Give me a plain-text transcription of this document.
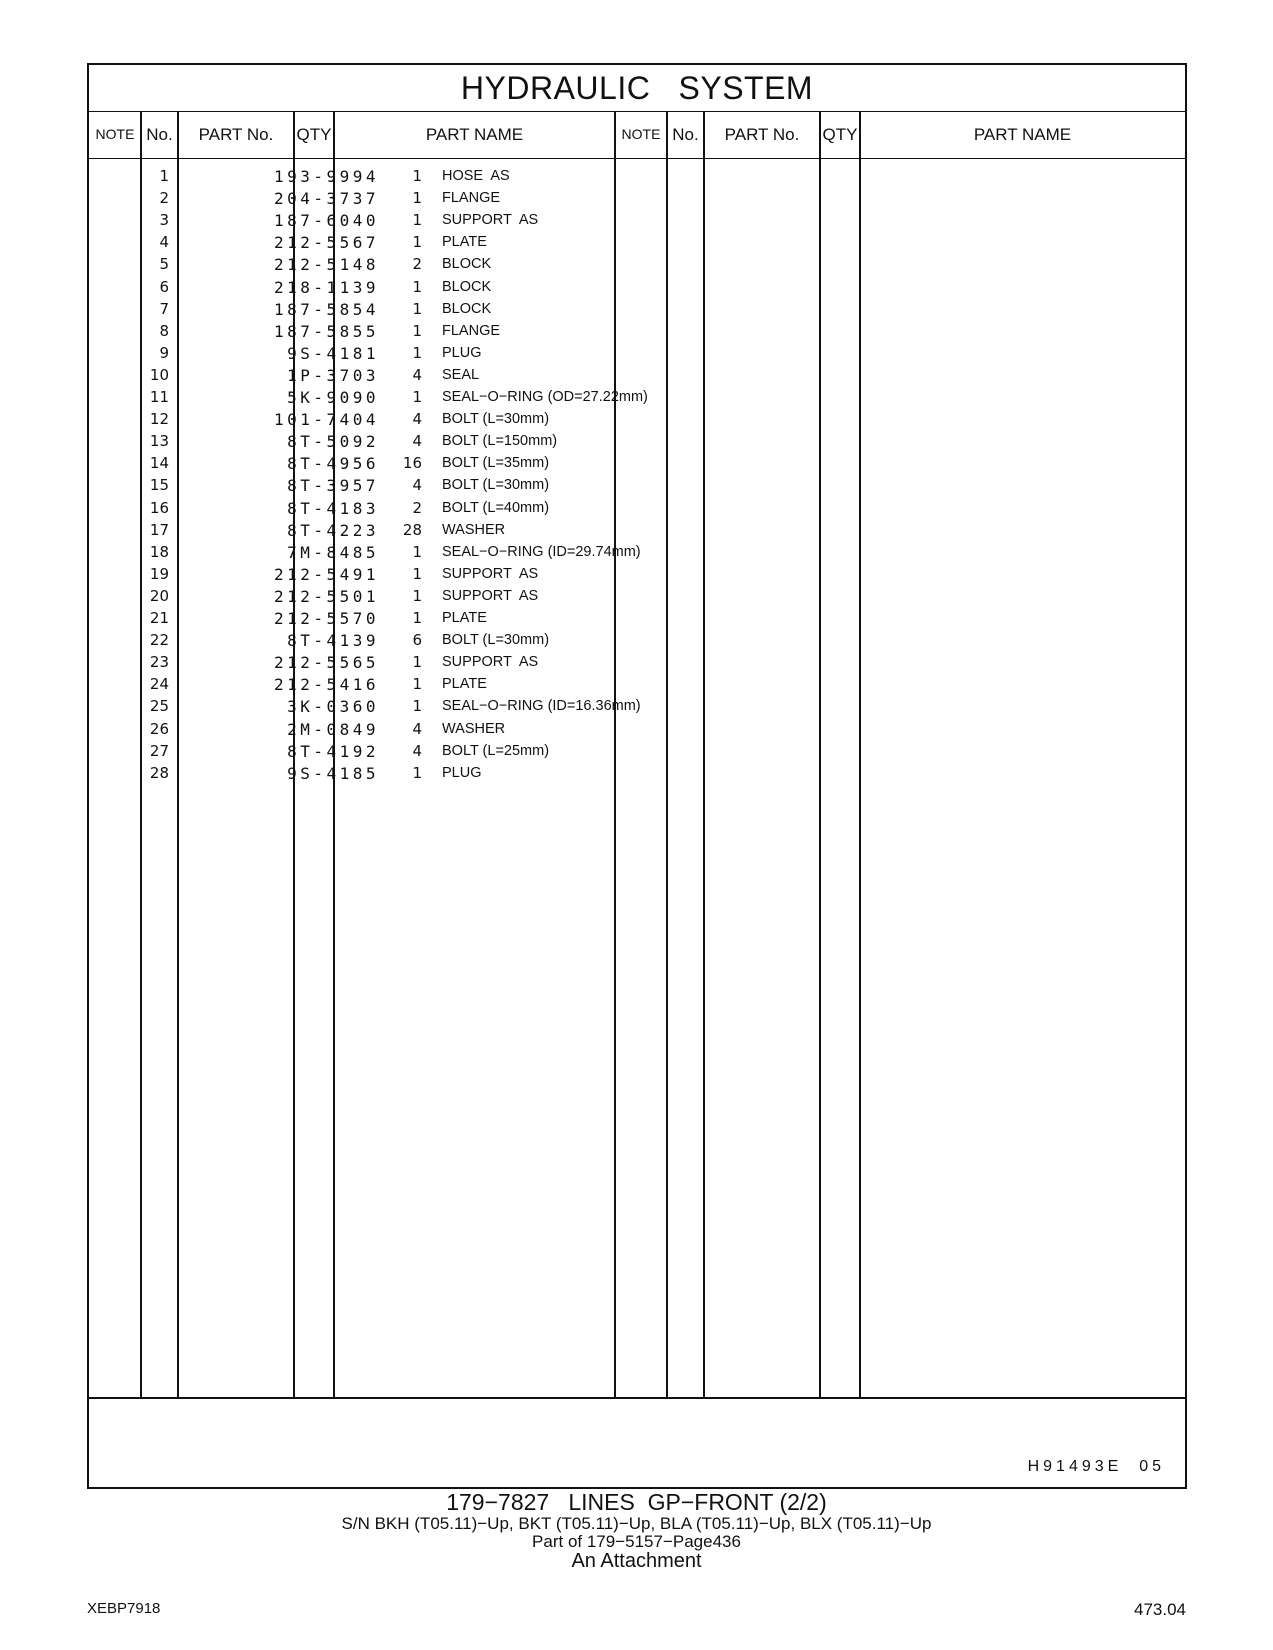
HYDRAULIC   SYSTEM
NOTE No.	PART No.	QTY	PART NAME	NOTE No.	PART No.	QTY	PART NAME
H91493E  05
1	193-9994	1 HOSE  AS
2	204-3737	1 FLANGE
3	187-6040	1 SUPPORT  AS
4	212-5567	1 PLATE
5	212-5148	2 BLOCK
6	218-1139	1 BLOCK
7	187-5854	1 BLOCK
8	187-5855	1 FLANGE
9	9S-4181	1 PLUG
10	1P-3703	4 SEAL
11	5K-9090	1 SEAL−O−RING (OD=27.22mm)
12	101-7404	4 BOLT (L=30mm)
13	8T-5092	4 BOLT (L=150mm)
14	8T-4956	16 BOLT (L=35mm)
15	8T-3957	4 BOLT (L=30mm)
16	8T-4183	2 BOLT (L=40mm)
17	8T-4223	28 WASHER
18	7M-8485	1 SEAL−O−RING (ID=29.74mm)
19	212-5491	1 SUPPORT  AS
20	212-5501	1 SUPPORT  AS
21	212-5570	1 PLATE
22	8T-4139	6 BOLT (L=30mm)
23	212-5565	1 SUPPORT  AS
24	212-5416	1 PLATE
25	3K-0360	1 SEAL−O−RING (ID=16.36mm)
26	2M-0849	4 WASHER
27	8T-4192	4 BOLT (L=25mm)
28	9S-4185	1 PLUG
179−7827   LINES  GP−FRONT (2/2)
S/N BKH (T05.11)−Up, BKT (T05.11)−Up, BLA (T05.11)−Up, BLX (T05.11)−Up
Part of 179−5157−Page436
An Attachment
XEBP7918	473.04
